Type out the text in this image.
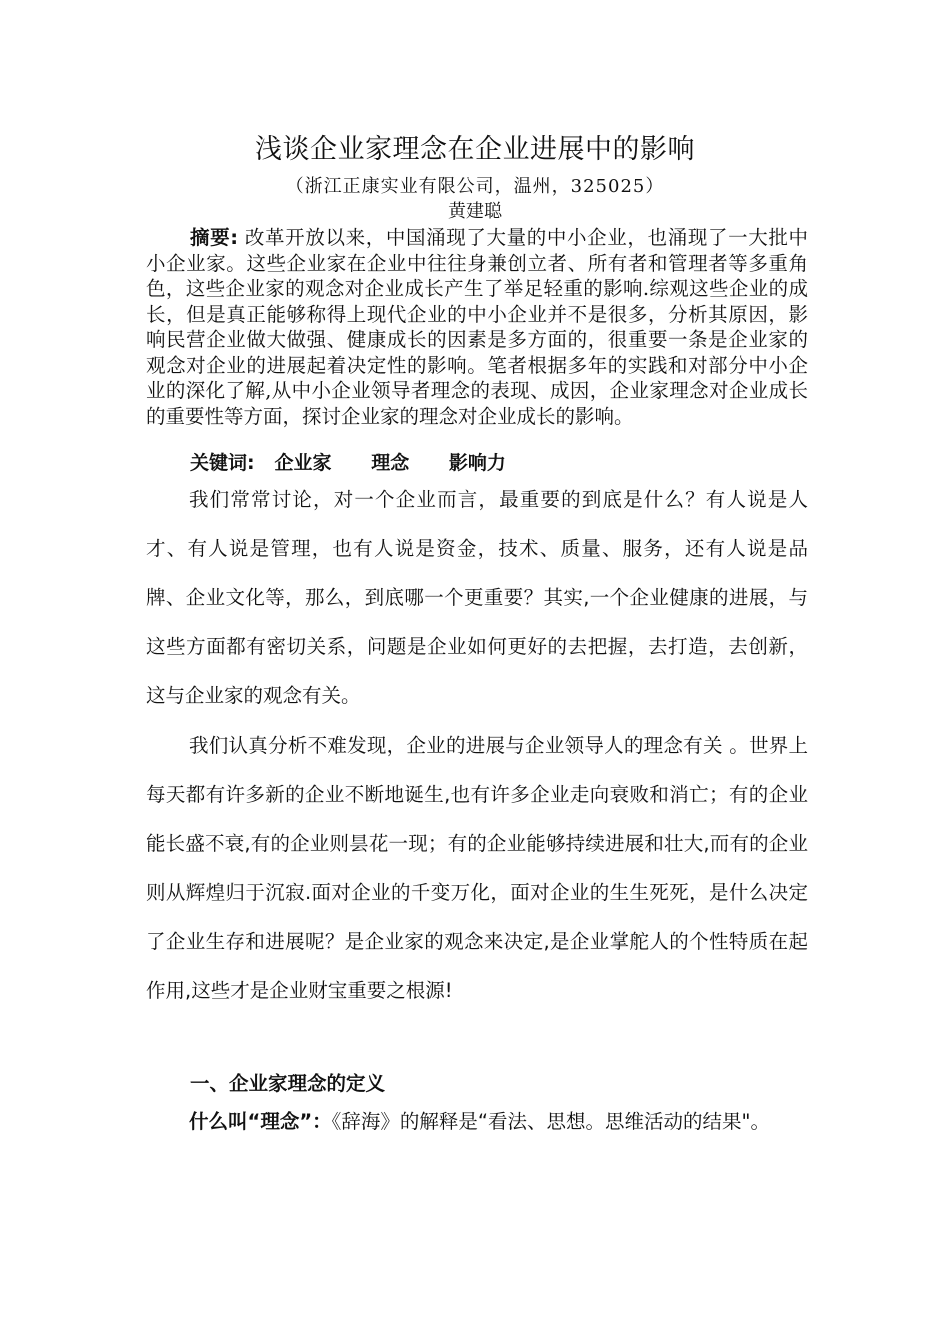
浅谈企业家理念在企业进展中的影响
（浙江正康实业有限公司，温州，325025）
黄建聪
摘要: 改革开放以来，中国涌现了大量的中小企业，也涌现了一大批中小企业家。这些企业家在企业中往往身兼创立者、所有者和管理者等多重角色，这些企业家的观念对企业成长产生了举足轻重的影响.综观这些企业的成长，但是真正能够称得上现代企业的中小企业并不是很多，分析其原因，影响民营企业做大做强、健康成长的因素是多方面的，很重要一条是企业家的观念对企业的进展起着决定性的影响。笔者根据多年的实践和对部分中小企业的深化了解,从中小企业领导者理念的表现、成因，企业家理念对企业成长的重要性等方面，探讨企业家的理念对企业成长的影响。
关键词: 企业家 理念 影响力
我们常常讨论，对一个企业而言，最重要的到底是什么？有人说是人才、有人说是管理，也有人说是资金，技术、质量、服务，还有人说是品牌、企业文化等，那么，到底哪一个更重要？其实,一个企业健康的进展，与这些方面都有密切关系，问题是企业如何更好的去把握，去打造，去创新，这与企业家的观念有关。
我们认真分析不难发现，企业的进展与企业领导人的理念有关 。世界上每天都有许多新的企业不断地诞生,也有许多企业走向衰败和消亡；有的企业能长盛不衰,有的企业则昙花一现；有的企业能够持续进展和壮大,而有的企业则从辉煌归于沉寂.面对企业的千变万化，面对企业的生生死死，是什么决定了企业生存和进展呢？是企业家的观念来决定,是企业掌舵人的个性特质在起作用,这些才是企业财宝重要之根源!
一、企业家理念的定义
什么叫“理念”：《辞海》的解释是“看法、思想。思维活动的结果"。
